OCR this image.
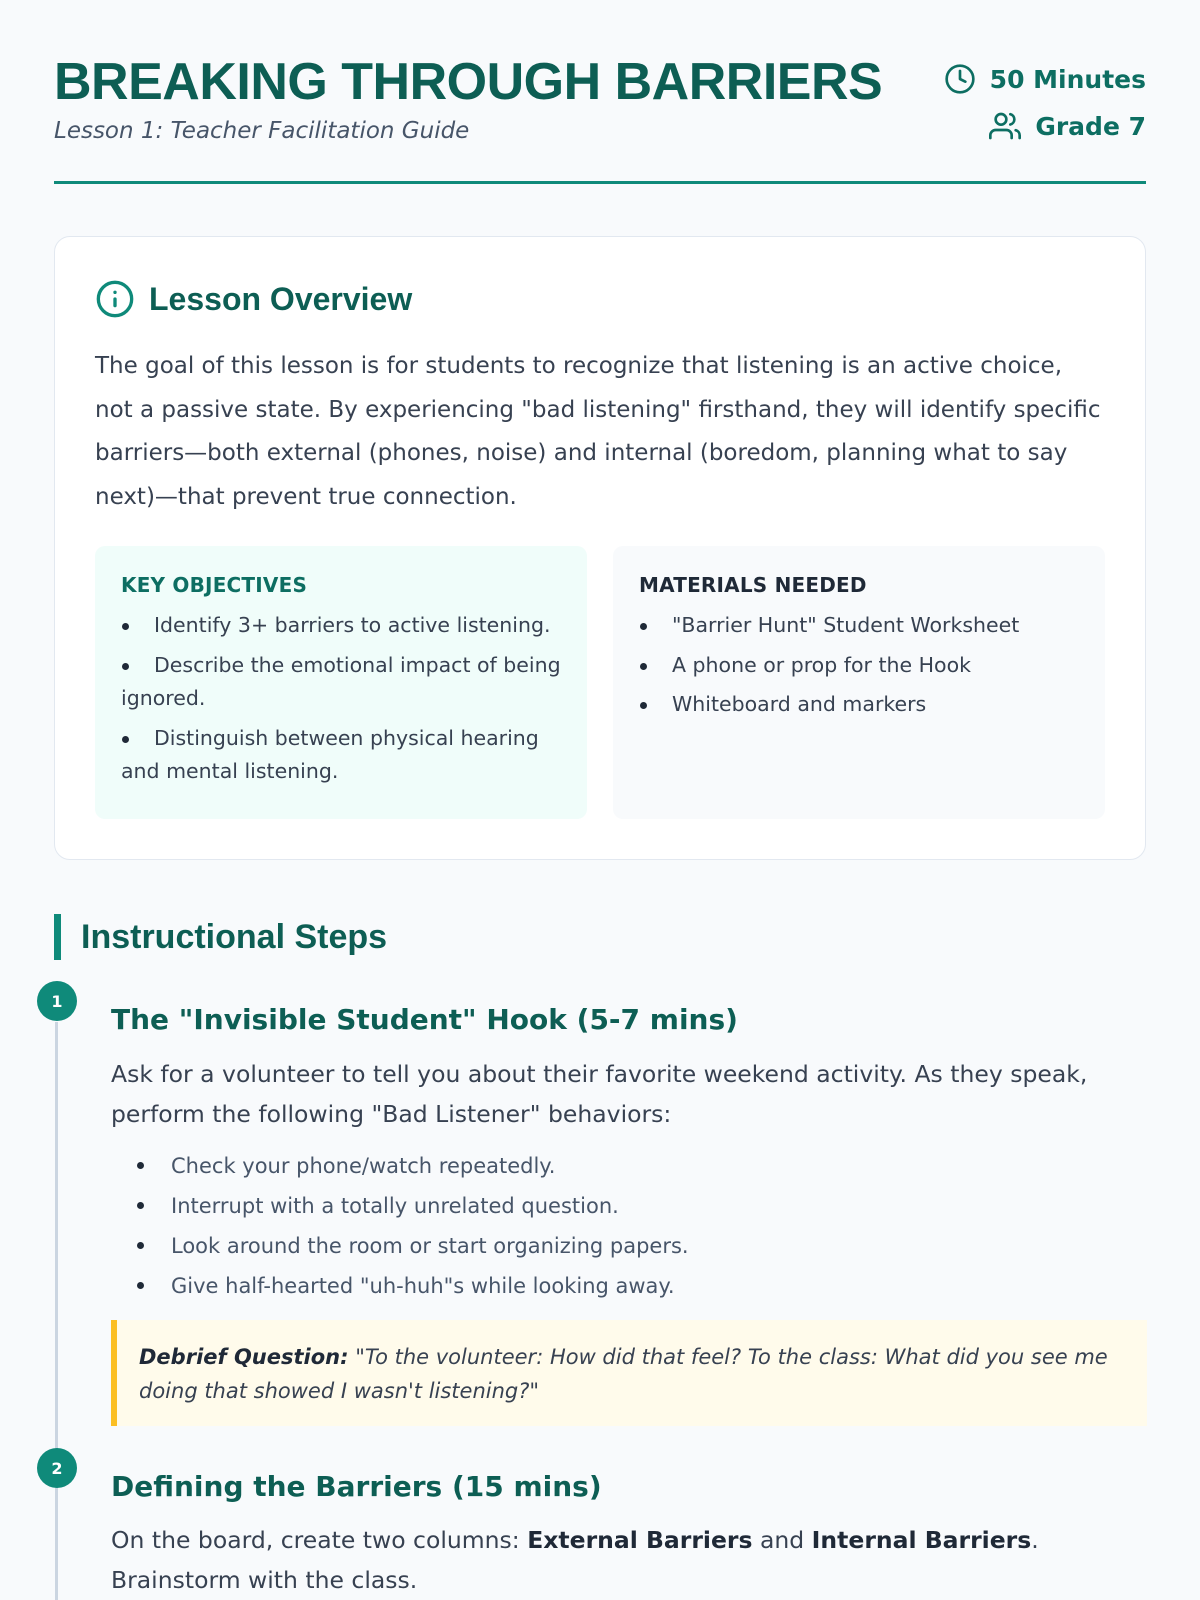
BREAKING THROUGH BARRIERS
Lesson 1: Teacher Facilitation Guide
50 Minutes
Grade 7
Lesson Overview

The goal of this lesson is for students to recognize that listening is an active choice, not a passive state. By experiencing "bad listening" firsthand, they will identify specific barriers—both external (phones, noise) and internal (boredom, planning what to say next)—that prevent true connection.

KEY OBJECTIVES
Identify 3+ barriers to active listening.
Describe the emotional impact of being ignored.
Distinguish between physical hearing and mental listening.
MATERIALS NEEDED
"Barrier Hunt" Student Worksheet
A phone or prop for the Hook
Whiteboard and markers
Instructional Steps
1
The "Invisible Student" Hook (5-7 mins)

Ask for a volunteer to tell you about their favorite weekend activity. As they speak, perform the following "Bad Listener" behaviors:

Check your phone/watch repeatedly.
Interrupt with a totally unrelated question.
Look around the room or start organizing papers.
Give half-hearted "uh-huh"s while looking away.
Debrief Question: "To the volunteer: How did that feel? To the class: What did you see me doing that showed I wasn't listening?"
2
Defining the Barriers (15 mins)

On the board, create two columns: External Barriers and Internal Barriers. Brainstorm with the class.
